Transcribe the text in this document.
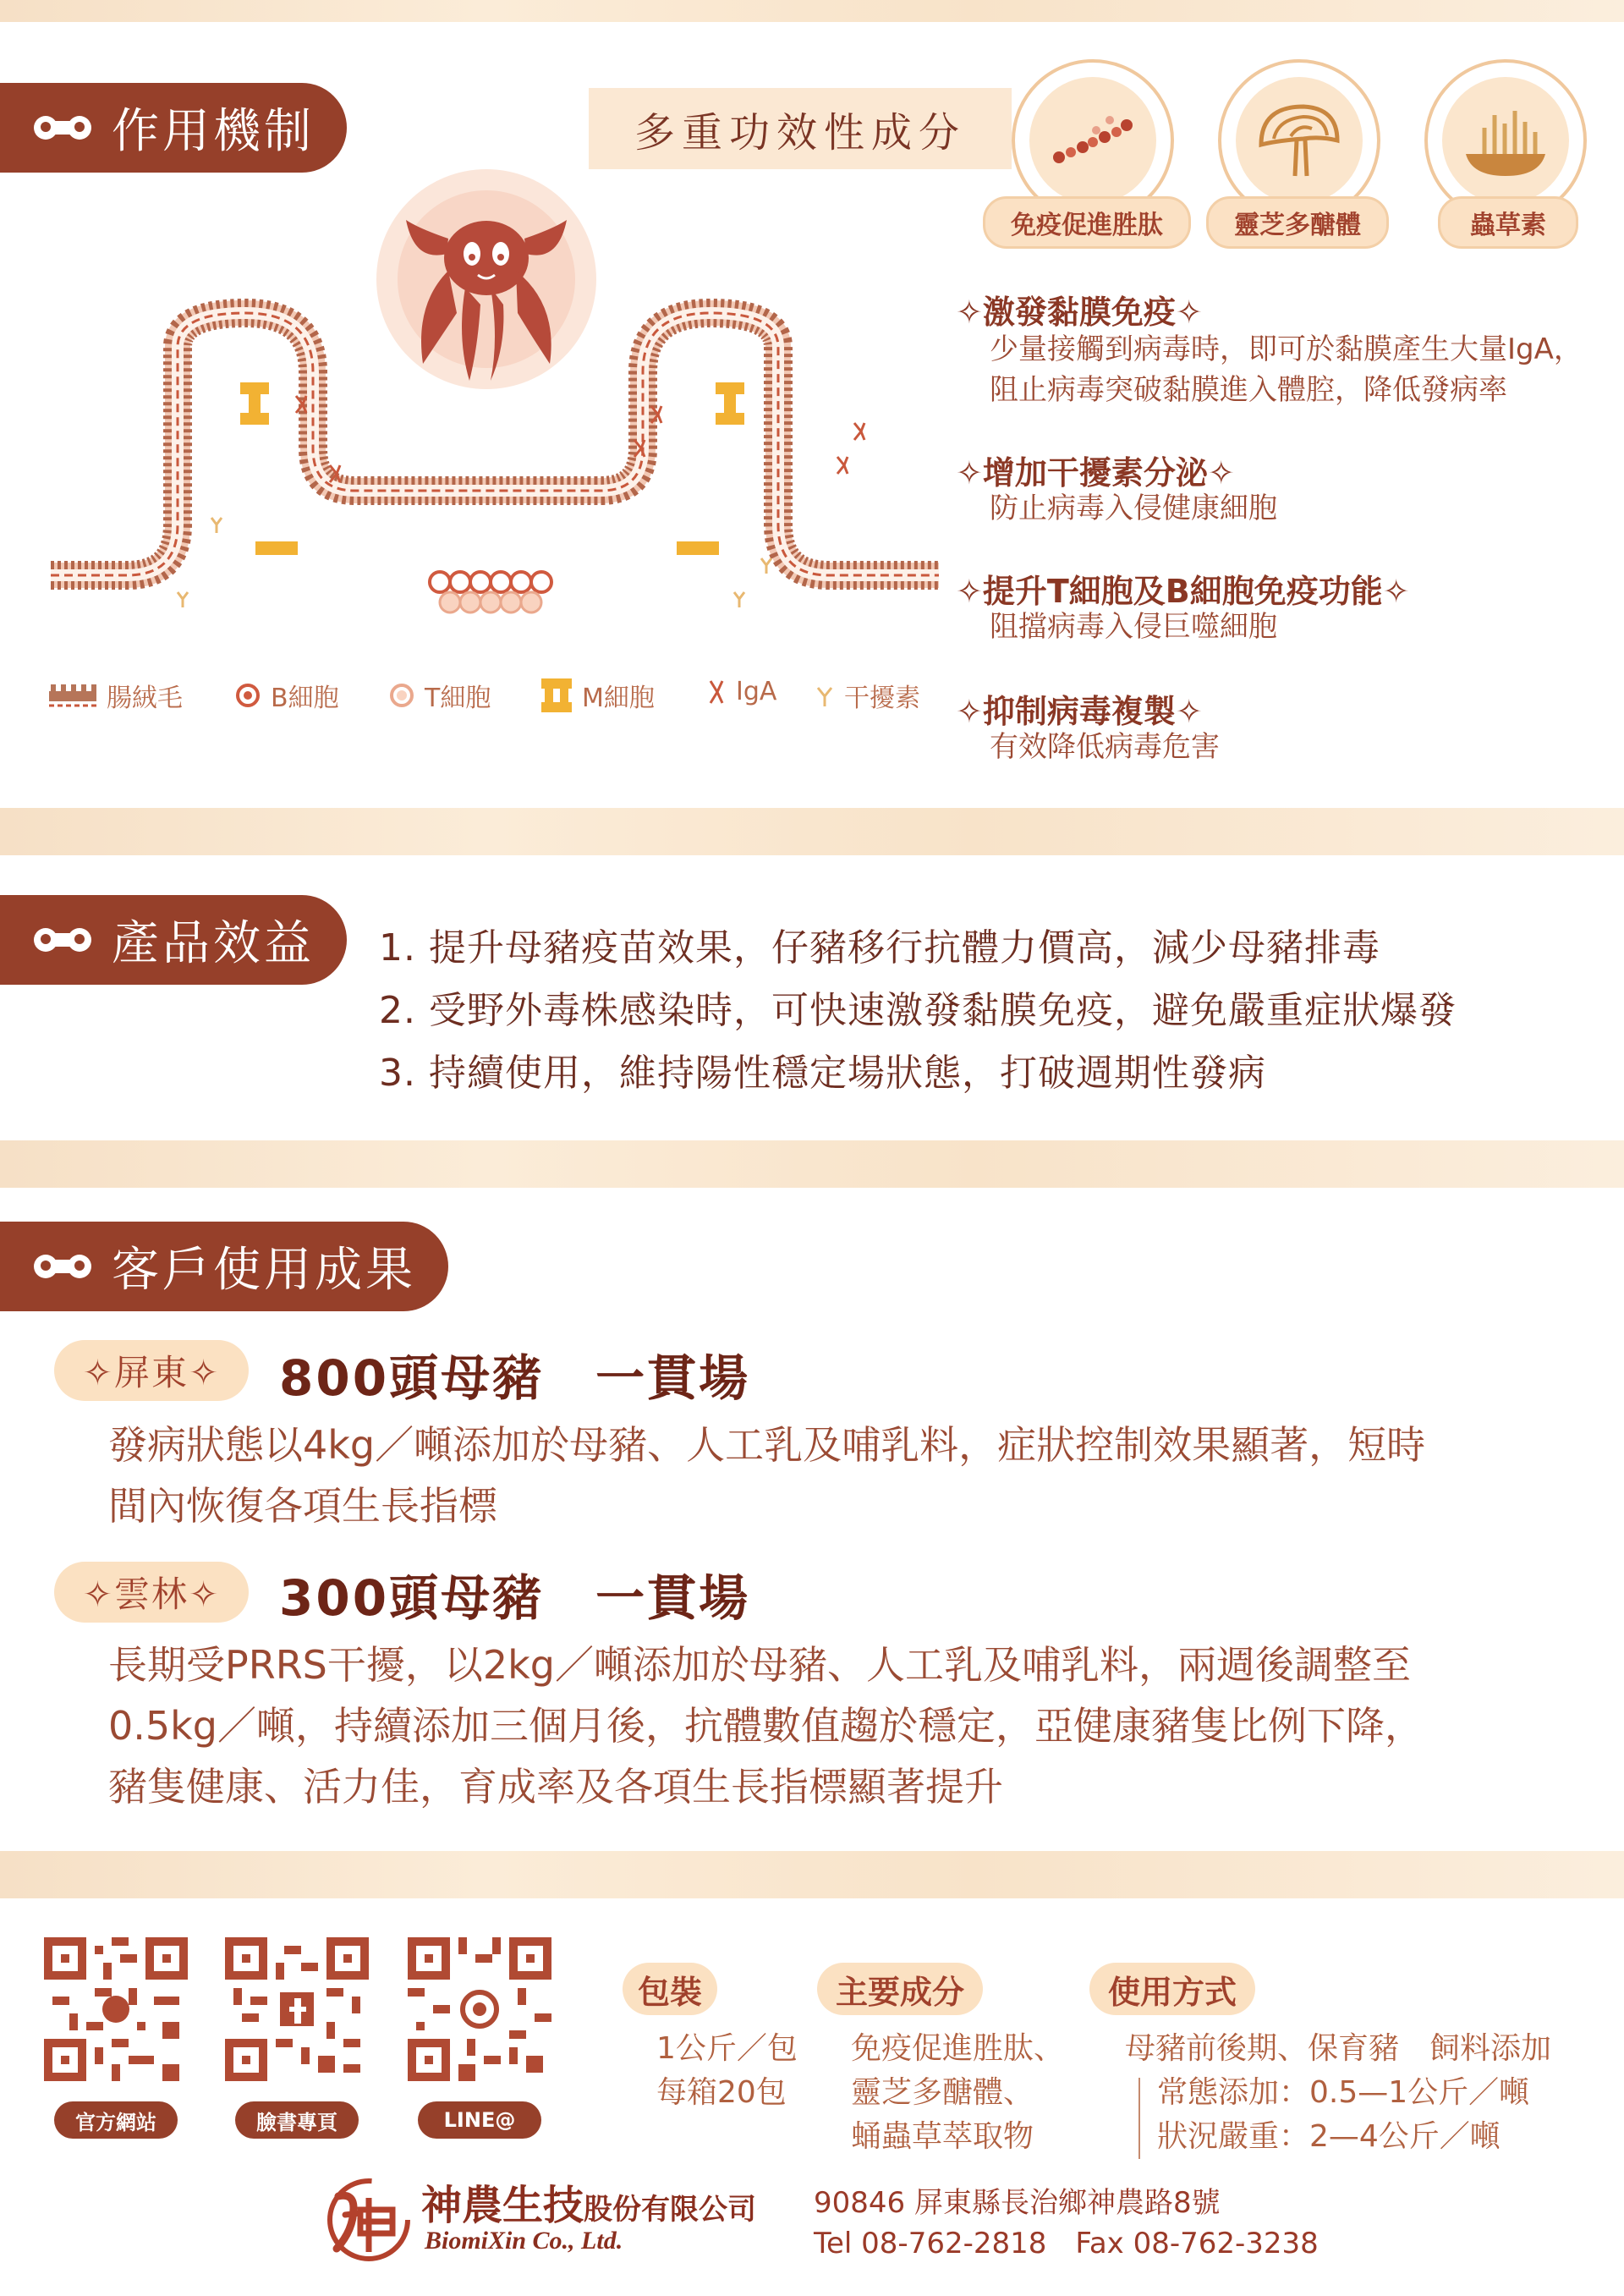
作用機制	多重功效性成分
免疫促進胜肽	靈芝多醣體	蟲草素
腸絨毛	B細胞	T細胞	M細胞	IgA	干擾素
✧激發黏膜免疫✧
少量接觸到病毒時，即可於黏膜產生大量IgA，
阻止病毒突破黏膜進入體腔，降低發病率
✧增加干擾素分泌✧
防止病毒入侵健康細胞
✧提升T細胞及B細胞免疫功能✧
阻擋病毒入侵巨噬細胞
✧抑制病毒複製✧
有效降低病毒危害
產品效益 1. 提升母豬疫苗效果，仔豬移行抗體力價高，減少母豬排毒
2. 受野外毒株感染時，可快速激發黏膜免疫，避免嚴重症狀爆發
3. 持續使用，維持陽性穩定場狀態，打破週期性發病
客戶使用成果
✧屏東✧	800頭母豬　一貫場
發病狀態以4kg／噸添加於母豬、人工乳及哺乳料，症狀控制效果顯著，短時
間內恢復各項生長指標
✧雲林✧	300頭母豬　一貫場
長期受PRRS干擾，以2kg／噸添加於母豬、人工乳及哺乳料，兩週後調整至
0.5kg／噸，持續添加三個月後，抗體數值趨於穩定，亞健康豬隻比例下降，
豬隻健康、活力佳，育成率及各項生長指標顯著提升
官方網站	臉書專頁	LINE@
包裝
1公斤／包
每箱20包
主要成分
免疫促進胜肽、
靈芝多醣體、
蛹蟲草萃取物
使用方式
母豬前後期、保育豬　飼料添加
常態添加：0.5—1公斤／噸
狀況嚴重：2—4公斤／噸
神農生技股份有限公司
BiomiXin Co., Ltd.
90846 屏東縣長治鄉神農路8號
Tel 08-762-2818　Fax 08-762-3238
